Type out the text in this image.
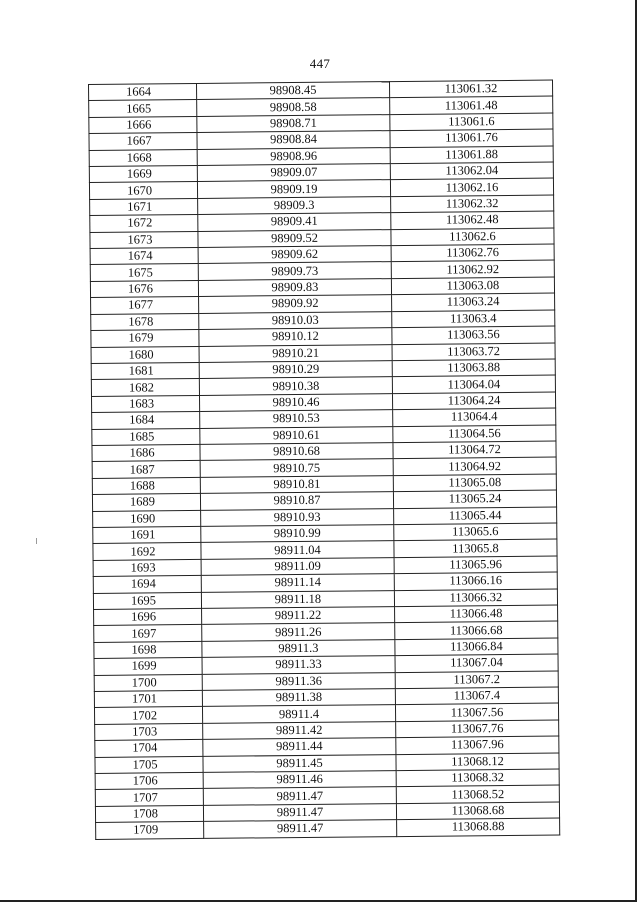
447
1664	98908.45	113061.32
1665	98908.58	113061.48
1666	98908.71	113061.6
1667	98908.84	113061.76
1668	98908.96	113061.88
1669	98909.07	113062.04
1670	98909.19	113062.16
1671	98909.3	113062.32
1672	98909.41	113062.48
1673	98909.52	113062.6
1674	98909.62	113062.76
1675	98909.73	113062.92
1676	98909.83	113063.08
1677	98909.92	113063.24
1678	98910.03	113063.4
1679	98910.12	113063.56
1680	98910.21	113063.72
1681	98910.29	113063.88
1682	98910.38	113064.04
1683	98910.46	113064.24
1684	98910.53	113064.4
1685	98910.61	113064.56
1686	98910.68	113064.72
1687	98910.75	113064.92
1688	98910.81	113065.08
1689	98910.87	113065.24
1690	98910.93	113065.44
1691	98910.99	113065.6
1692	98911.04	113065.8
1693	98911.09	113065.96
1694	98911.14	113066.16
1695	98911.18	113066.32
1696	98911.22	113066.48
1697	98911.26	113066.68
1698	98911.3	113066.84
1699	98911.33	113067.04
1700	98911.36	113067.2
1701	98911.38	113067.4
1702	98911.4	113067.56
1703	98911.42	113067.76
1704	98911.44	113067.96
1705	98911.45	113068.12
1706	98911.46	113068.32
1707	98911.47	113068.52
1708	98911.47	113068.68
1709	98911.47	113068.88
